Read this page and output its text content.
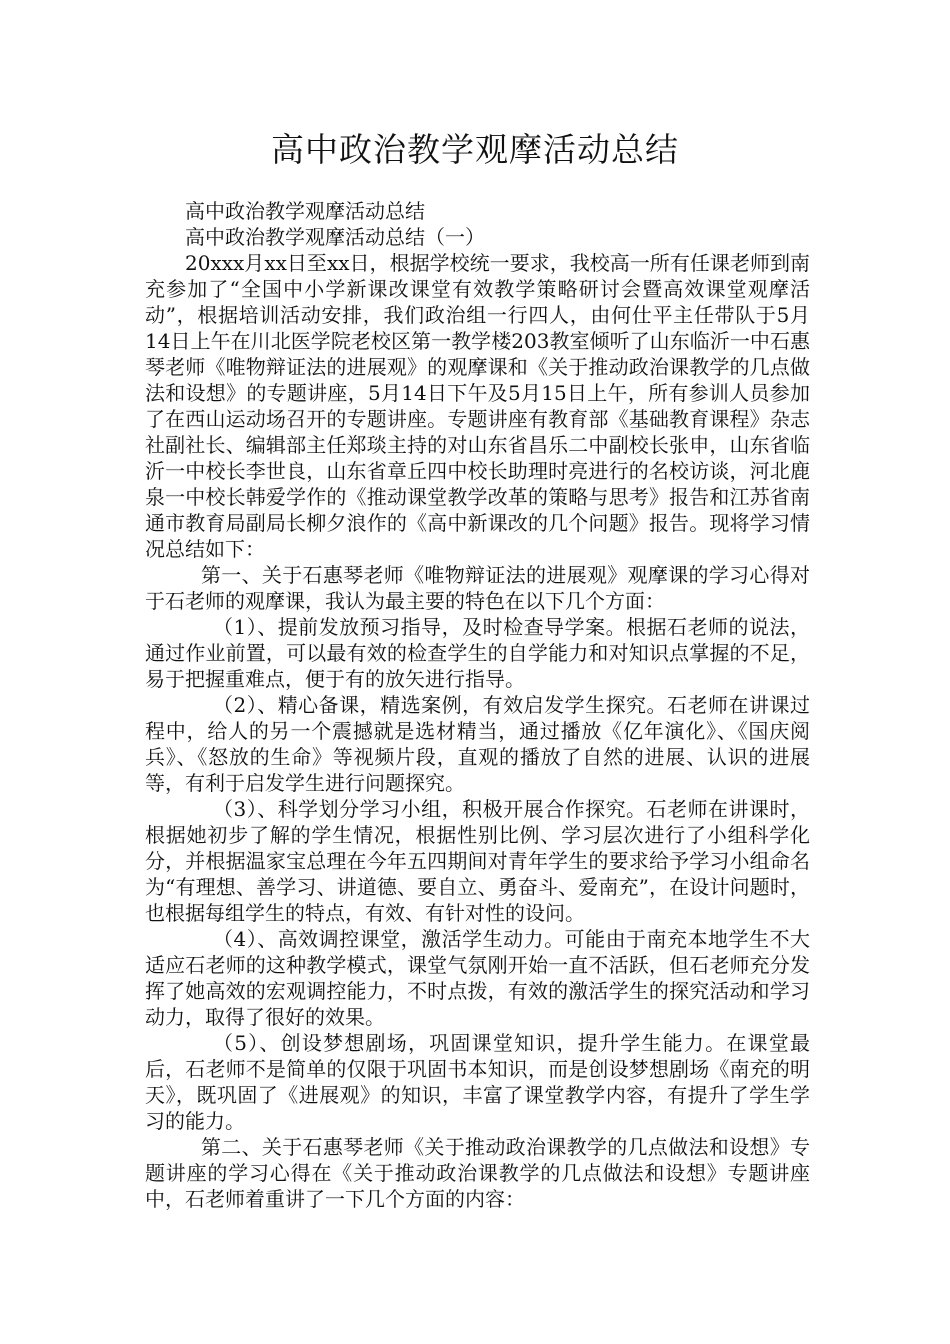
高中政治教学观摩活动总结

高中政治教学观摩活动总结

高中政治教学观摩活动总结（一）

20xxx月xx日至xx日，根据学校统一要求，我校高一所有任课老师到南充参加了“全国中小学新课改课堂有效教学策略研讨会暨高效课堂观摩活动”，根据培训活动安排，我们政治组一行四人，由何仕平主任带队于5月14日上午在川北医学院老校区第一教学楼203教室倾听了山东临沂一中石惠琴老师《唯物辩证法的进展观》的观摩课和《关于推动政治课教学的几点做法和设想》的专题讲座，5月14日下午及5月15日上午，所有参训人员参加了在西山运动场召开的专题讲座。专题讲座有教育部《基础教育课程》杂志社副社长、编辑部主任郑琰主持的对山东省昌乐二中副校长张申，山东省临沂一中校长李世良，山东省章丘四中校长助理时亮进行的名校访谈，河北鹿泉一中校长韩爱学作的《推动课堂教学改革的策略与思考》报告和江苏省南通市教育局副局长柳夕浪作的《高中新课改的几个问题》报告。现将学习情况总结如下：

第一、关于石惠琴老师《唯物辩证法的进展观》观摩课的学习心得对于石老师的观摩课，我认为最主要的特色在以下几个方面：

（1）、提前发放预习指导，及时检查导学案。根据石老师的说法，通过作业前置，可以最有效的检查学生的自学能力和对知识点掌握的不足，易于把握重难点，便于有的放矢进行指导。

（2）、精心备课，精选案例，有效启发学生探究。石老师在讲课过程中，给人的另一个震撼就是选材精当，通过播放《亿年演化》、《国庆阅兵》、《怒放的生命》等视频片段，直观的播放了自然的进展、认识的进展等，有利于启发学生进行问题探究。

（3）、科学划分学习小组，积极开展合作探究。石老师在讲课时，根据她初步了解的学生情况，根据性别比例、学习层次进行了小组科学化分，并根据温家宝总理在今年五四期间对青年学生的要求给予学习小组命名为“有理想、善学习、讲道德、要自立、勇奋斗、爱南充”，在设计问题时，也根据每组学生的特点，有效、有针对性的设问。

（4）、高效调控课堂，激活学生动力。可能由于南充本地学生不大适应石老师的这种教学模式，课堂气氛刚开始一直不活跃，但石老师充分发挥了她高效的宏观调控能力，不时点拨，有效的激活学生的探究活动和学习动力，取得了很好的效果。

（5）、创设梦想剧场，巩固课堂知识，提升学生能力。在课堂最后，石老师不是简单的仅限于巩固书本知识，而是创设梦想剧场《南充的明天》，既巩固了《进展观》的知识，丰富了课堂教学内容，有提升了学生学习的能力。

第二、关于石惠琴老师《关于推动政治课教学的几点做法和设想》专题讲座的学习心得在《关于推动政治课教学的几点做法和设想》专题讲座中，石老师着重讲了一下几个方面的内容：
